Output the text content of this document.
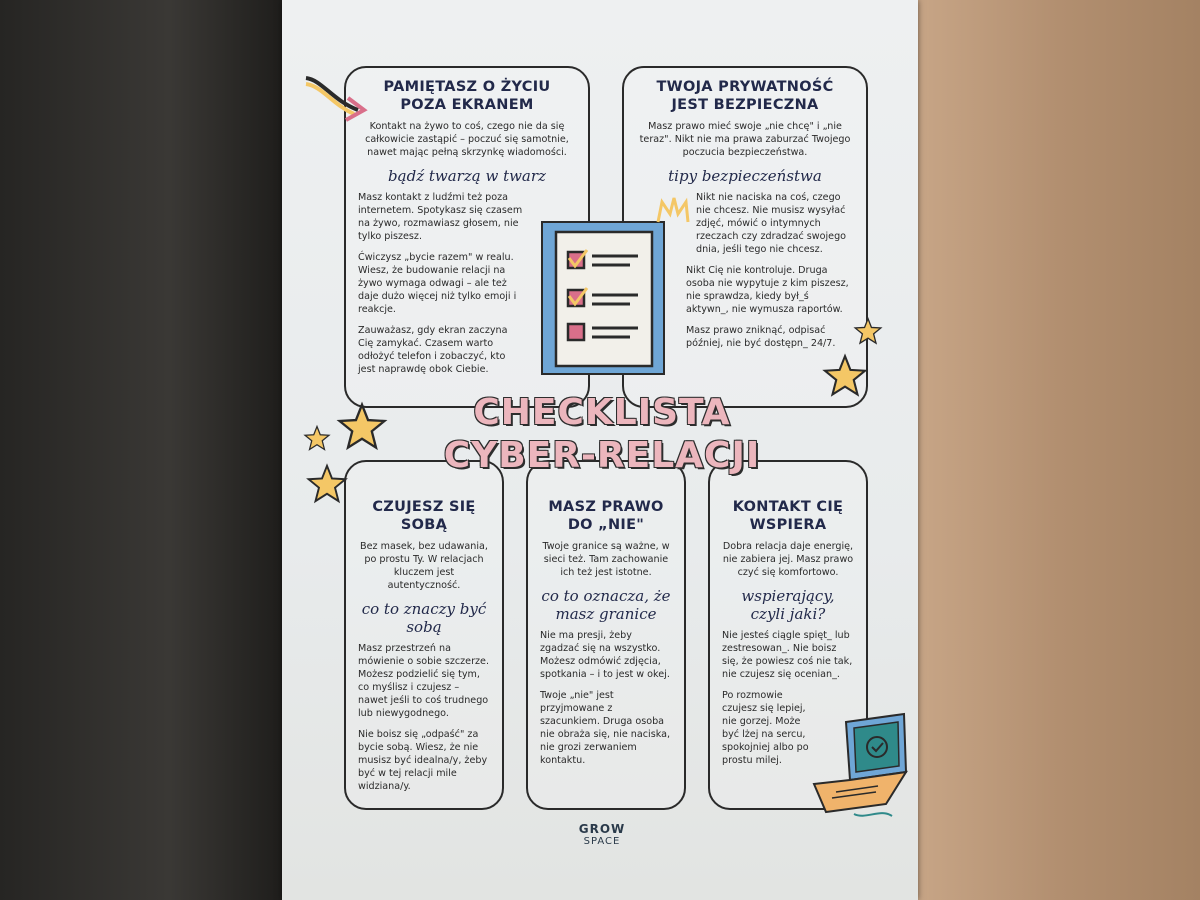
PAMIĘTASZ O ŻYCIU POZA EKRANEM
Kontakt na żywo to coś, czego nie da się całkowicie zastąpić – poczuć się samotnie, nawet mając pełną skrzynkę wiadomości.
bądź twarzą w twarz

Masz kontakt z ludźmi też poza internetem. Spotykasz się czasem na żywo, rozmawiasz głosem, nie tylko piszesz.

Ćwiczysz „bycie razem" w realu. Wiesz, że budowanie relacji na żywo wymaga odwagi – ale też daje dużo więcej niż tylko emoji i reakcje.

Zauważasz, gdy ekran zaczyna Cię zamykać. Czasem warto odłożyć telefon i zobaczyć, kto jest naprawdę obok Ciebie.

TWOJA PRYWATNOŚĆ JEST BEZPIECZNA
Masz prawo mieć swoje „nie chcę" i „nie teraz". Nikt nie ma prawa zaburzać Twojego poczucia bezpieczeństwa.
tipy bezpieczeństwa

Nikt nie naciska na coś, czego nie chcesz. Nie musisz wysyłać zdjęć, mówić o intymnych rzeczach czy zdradzać swojego dnia, jeśli tego nie chcesz.

Nikt Cię nie kontroluje. Druga osoba nie wypytuje z kim piszesz, nie sprawdza, kiedy był_ś aktywn_, nie wymusza raportów.

Masz prawo zniknąć, odpisać później, nie być dostępn_ 24/7.

CZUJESZ SIĘ SOBĄ
Bez masek, bez udawania, po prostu Ty. W relacjach kluczem jest autentyczność.
co to znaczy być sobą

Masz przestrzeń na mówienie o sobie szczerze. Możesz podzielić się tym, co myślisz i czujesz – nawet jeśli to coś trudnego lub niewygodnego.

Nie boisz się „odpaść" za bycie sobą. Wiesz, że nie musisz być idealna/y, żeby być w tej relacji mile widziana/y.

MASZ PRAWO DO „NIE"
Twoje granice są ważne, w sieci też. Tam zachowanie ich też jest istotne.
co to oznacza, że masz granice

Nie ma presji, żeby zgadzać się na wszystko. Możesz odmówić zdjęcia, spotkania – i to jest w okej.

Twoje „nie" jest przyjmowane z szacunkiem. Druga osoba nie obraża się, nie naciska, nie grozi zerwaniem kontaktu.

KONTAKT CIĘ WSPIERA
Dobra relacja daje energię, nie zabiera jej. Masz prawo czyć się komfortowo.
wspierający, czyli jaki?

Nie jesteś ciągle spięt_ lub zestresowan_. Nie boisz się, że powiesz coś nie tak, nie czujesz się ocenian_.

Po rozmowie czujesz się lepiej, nie gorzej. Może być lżej na sercu, spokojniej albo po prostu milej.

CHECKLISTA
CYBER-RELACJI
GROW
SPACE
